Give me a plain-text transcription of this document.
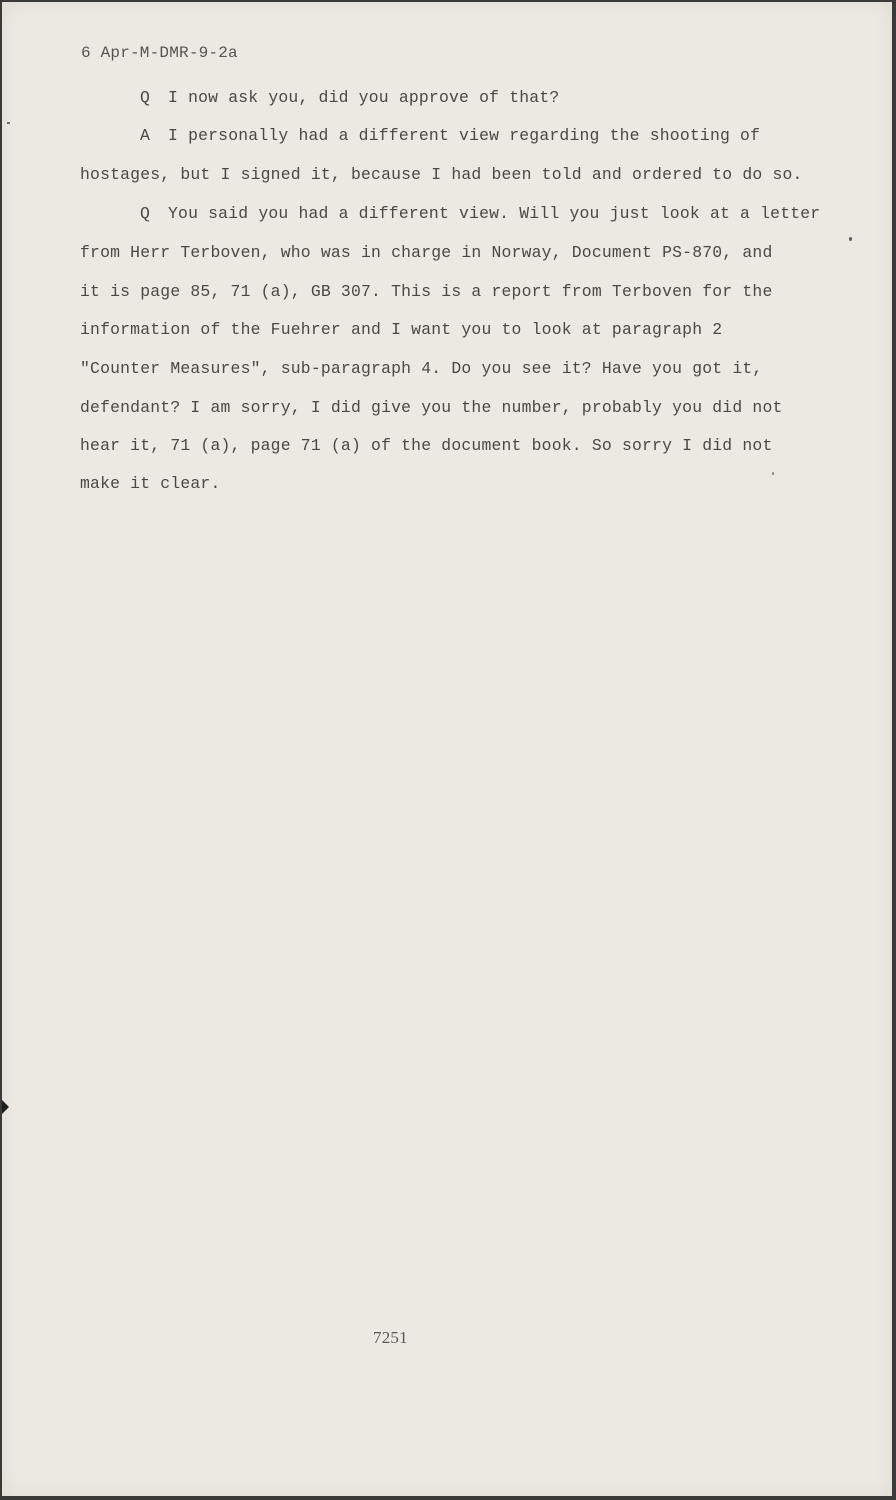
6 Apr-M-DMR-9-2a
Q I now ask you, did you approve of that?
A I personally had a different view regarding the shooting of
hostages, but I signed it, because I had been told and ordered to do so.
Q You said you had a different view. Will you just look at a letter
from Herr Terboven, who was in charge in Norway, Document PS-870, and
it is page 85, 71 (a), GB 307. This is a report from Terboven for the
information of the Fuehrer and I want you to look at paragraph 2
"Counter Measures", sub-paragraph 4. Do you see it? Have you got it,
defendant? I am sorry, I did give you the number, probably you did not
hear it, 71 (a), page 71 (a) of the document book. So sorry I did not
make it clear.
7251
